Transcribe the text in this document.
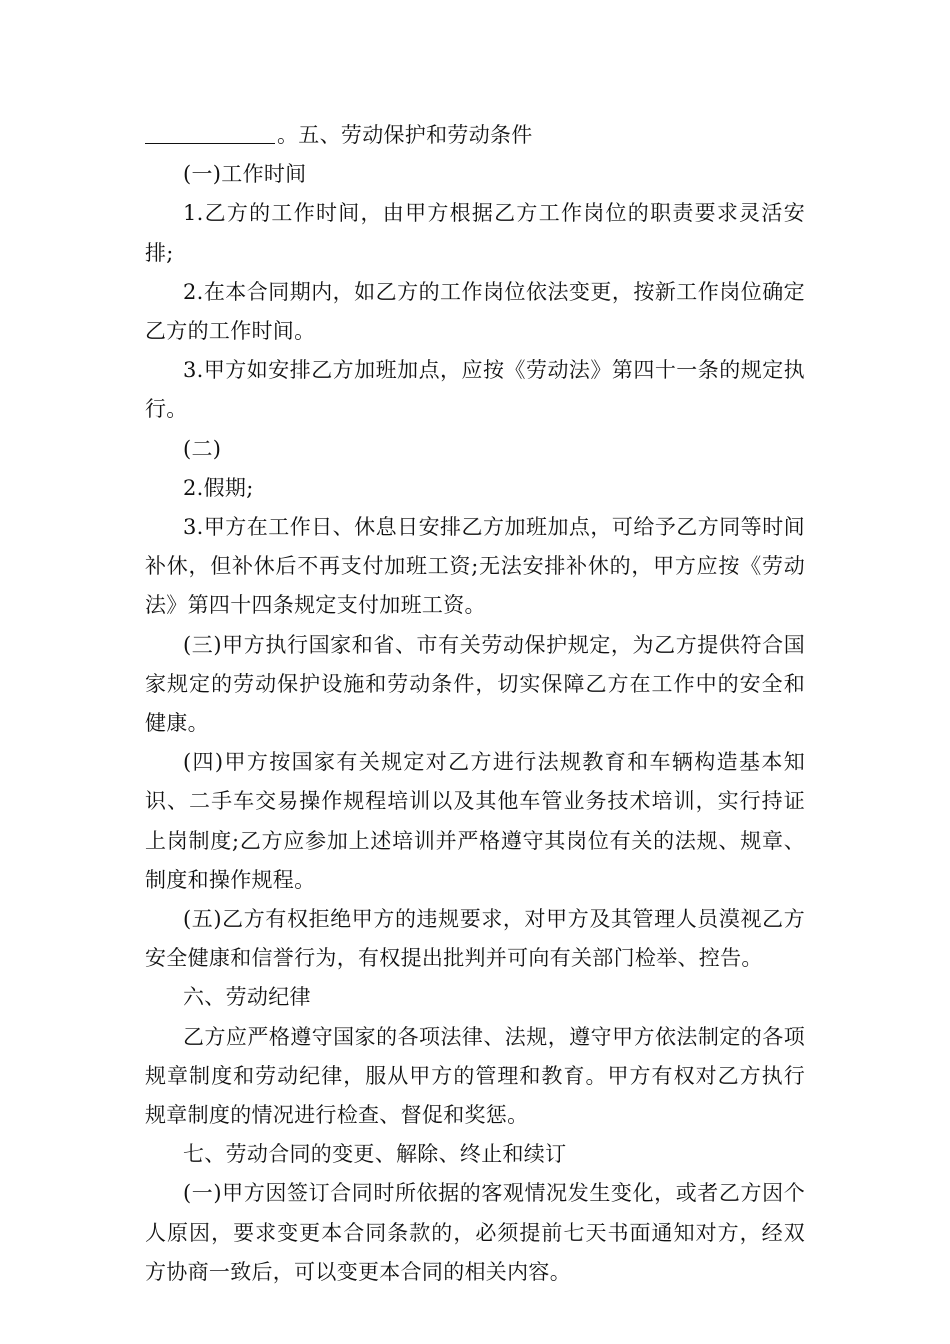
。五、劳动保护和劳动条件

(一)工作时间

1.乙方的工作时间，由甲方根据乙方工作岗位的职责要求灵活安排;

2.在本合同期内，如乙方的工作岗位依法变更，按新工作岗位确定乙方的工作时间。

3.甲方如安排乙方加班加点，应按《劳动法》第四十一条的规定执行。

(二)

2.假期;

3.甲方在工作日、休息日安排乙方加班加点，可给予乙方同等时间补休，但补休后不再支付加班工资;无法安排补休的，甲方应按《劳动法》第四十四条规定支付加班工资。

(三)甲方执行国家和省、市有关劳动保护规定，为乙方提供符合国家规定的劳动保护设施和劳动条件，切实保障乙方在工作中的安全和健康。

(四)甲方按国家有关规定对乙方进行法规教育和车辆构造基本知识、二手车交易操作规程培训以及其他车管业务技术培训，实行持证上岗制度;乙方应参加上述培训并严格遵守其岗位有关的法规、规章、制度和操作规程。

(五)乙方有权拒绝甲方的违规要求，对甲方及其管理人员漠视乙方安全健康和信誉行为，有权提出批判并可向有关部门检举、控告。

六、劳动纪律

乙方应严格遵守国家的各项法律、法规，遵守甲方依法制定的各项规章制度和劳动纪律，服从甲方的管理和教育。甲方有权对乙方执行规章制度的情况进行检查、督促和奖惩。

七、劳动合同的变更、解除、终止和续订

(一)甲方因签订合同时所依据的客观情况发生变化，或者乙方因个人原因，要求变更本合同条款的，必须提前七天书面通知对方，经双方协商一致后，可以变更本合同的相关内容。
